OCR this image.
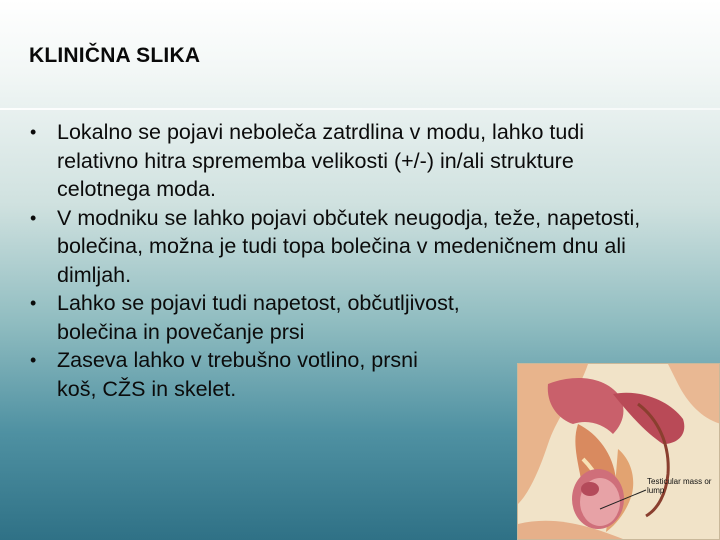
KLINIČNA SLIKA
• Lokalno se pojavi neboleča zatrdlina v modu, lahko tudi relativno hitra sprememba velikosti (+/-) in/ali strukture celotnega moda.
• V modniku se lahko pojavi občutek neugodja, teže, napetosti, bolečina, možna je tudi topa bolečina v medeničnem dnu ali dimljah.
• Lahko se pojavi tudi napetost, občutljivost, bolečina in povečanje prsi
• Zaseva lahko v trebušno votlino, prsni koš, CŽS in skelet.
Testicular mass or lump
